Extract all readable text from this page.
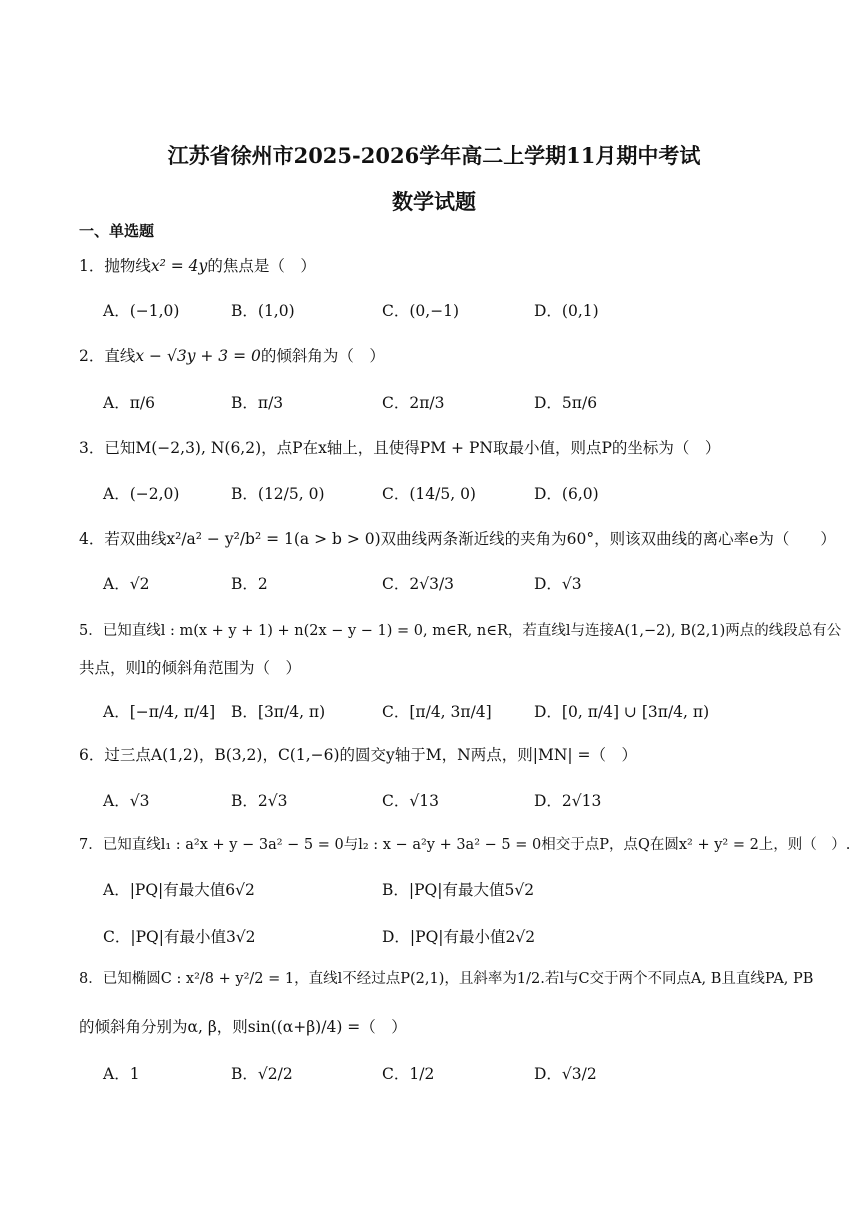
江苏省徐州市2025-2026学年高二上学期11月期中考试
数学试题
一、单选题
1．抛物线x² = 4y的焦点是（　）
A．(−1,0)	B．(1,0)	C．(0,−1)	D．(0,1)
2．直线x − √3y + 3 = 0的倾斜角为（　）
A．π/6	B．π/3	C．2π/3	D．5π/6
3．已知M(−2,3), N(6,2)，点P在x轴上，且使得PM + PN取最小值，则点P的坐标为（　）
A．(−2,0)	B．(12/5, 0)	C．(14/5, 0)	D．(6,0)
4．若双曲线x²/a² − y²/b² = 1(a > b > 0)双曲线两条渐近线的夹角为60°，则该双曲线的离心率e为（　　）
A．√2	B．2	C．2√3/3	D．√3
5．已知直线l : m(x + y + 1) + n(2x − y − 1) = 0, m∈R, n∈R，若直线l与连接A(1,−2), B(2,1)两点的线段总有公
共点，则l的倾斜角范围为（　）
A．[−π/4, π/4] B．[3π/4, π)	C．[π/4, 3π/4]	D．[0, π/4] ∪ [3π/4, π)
6．过三点A(1,2)，B(3,2)，C(1,−6)的圆交y轴于M，N两点，则|MN| =（　）
A．√3	B．2√3	C．√13	D．2√13
7．已知直线l₁ : a²x + y − 3a² − 5 = 0与l₂ : x − a²y + 3a² − 5 = 0相交于点P，点Q在圆x² + y² = 2上，则（　）.
A．|PQ|有最大值6√2	B．|PQ|有最大值5√2
C．|PQ|有最小值3√2	D．|PQ|有最小值2√2
8．已知椭圆C : x²/8 + y²/2 = 1，直线l不经过点P(2,1)，且斜率为1/2.若l与C交于两个不同点A, B且直线PA, PB
的倾斜角分别为α, β，则sin((α+β)/4) =（　）
A．1	B．√2/2	C．1/2	D．√3/2
